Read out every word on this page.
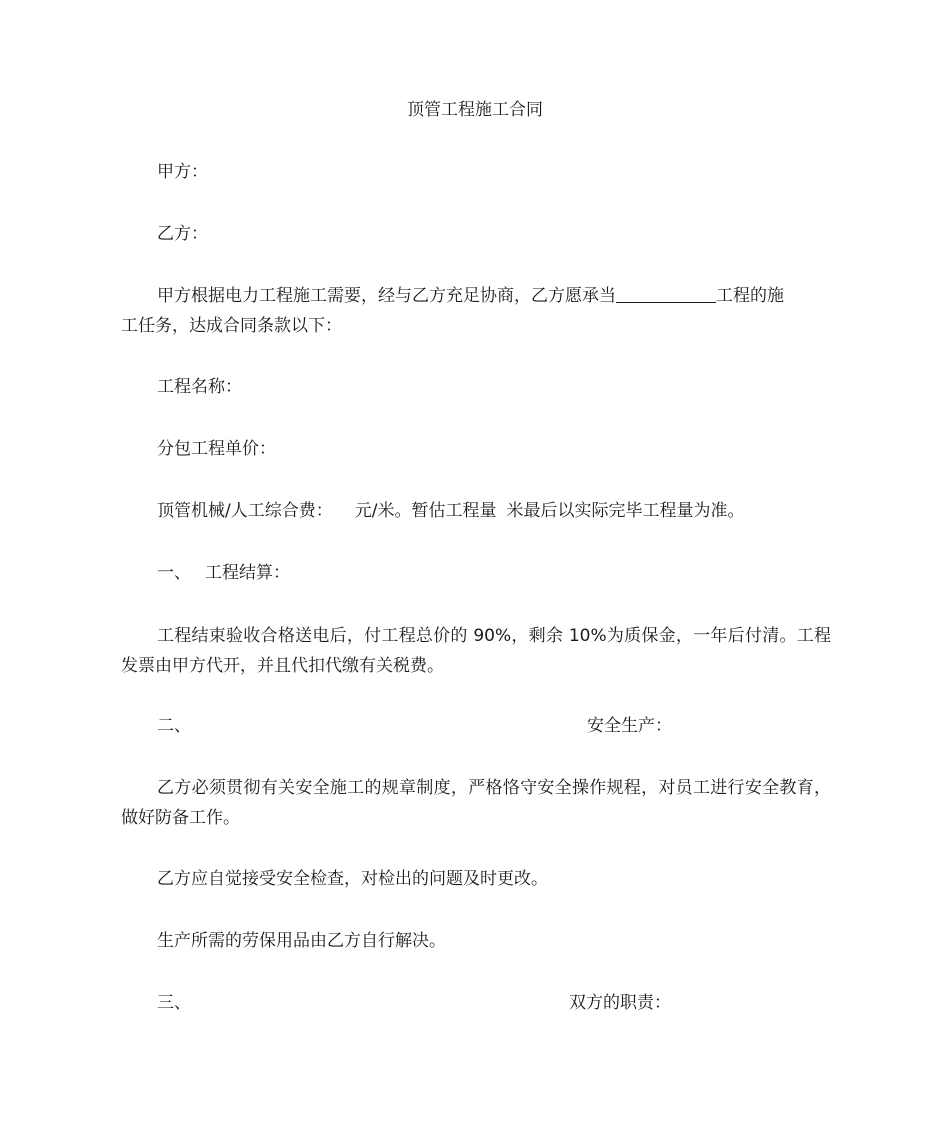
顶管工程施工合同
甲方：
乙方：
甲方根据电力工程施工需要，经与乙方充足协商，乙方愿承当	工程的施
工任务，达成合同条款以下：
工程名称：
分包工程单价：
顶管机械/人工综合费： 元/米。暂估工程量 米最后以实际完毕工程量为准。
一、 工程结算：
工程结束验收合格送电后，付工程总价的 90%，剩余 10%为质保金，一年后付清。工程发票由甲方代开，并且代扣代缴有关税费。
二、	安全生产：
乙方必须贯彻有关安全施工的规章制度，严格恪守安全操作规程，对员工进行安全教育，做好防备工作。
乙方应自觉接受安全检查，对检出的问题及时更改。
生产所需的劳保用品由乙方自行解决。
三、	双方的职责：
